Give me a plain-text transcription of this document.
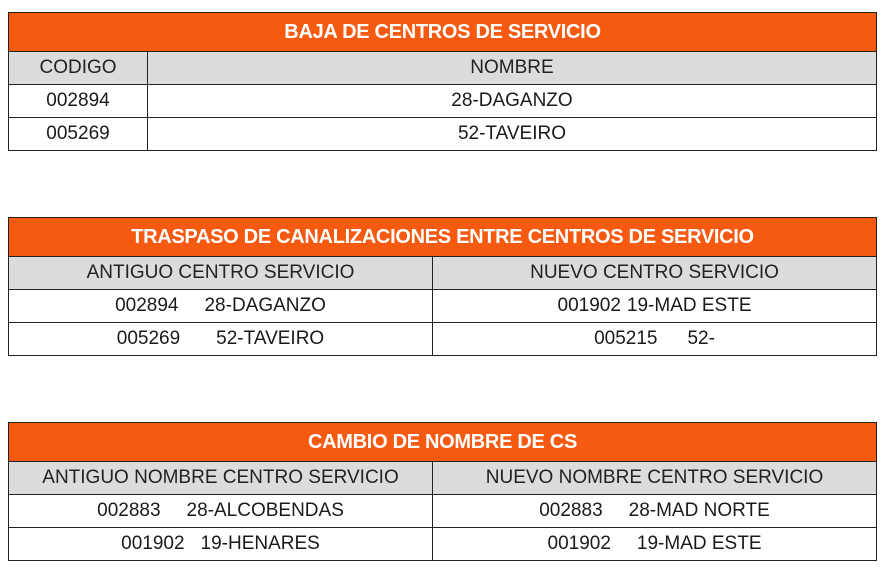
BAJA DE CENTROS DE SERVICIO	
CODIGO	NOMBRE
002894	28-DAGANZO
005269	52-TAVEIRO
TRASPASO DE CANALIZACIONES ENTRE CENTROS DE SERVICIO	
ANTIGUO CENTRO SERVICIO	NUEVO CENTRO SERVICIO
002894 28-DAGANZO	001902 19-MAD ESTE
005269 52-TAVEIRO	005215 52-
CAMBIO DE NOMBRE DE CS	
ANTIGUO NOMBRE CENTRO SERVICIO	NUEVO NOMBRE CENTRO SERVICIO
002883 28-ALCOBENDAS	002883 28-MAD NORTE
001902 19-HENARES	001902 19-MAD ESTE
